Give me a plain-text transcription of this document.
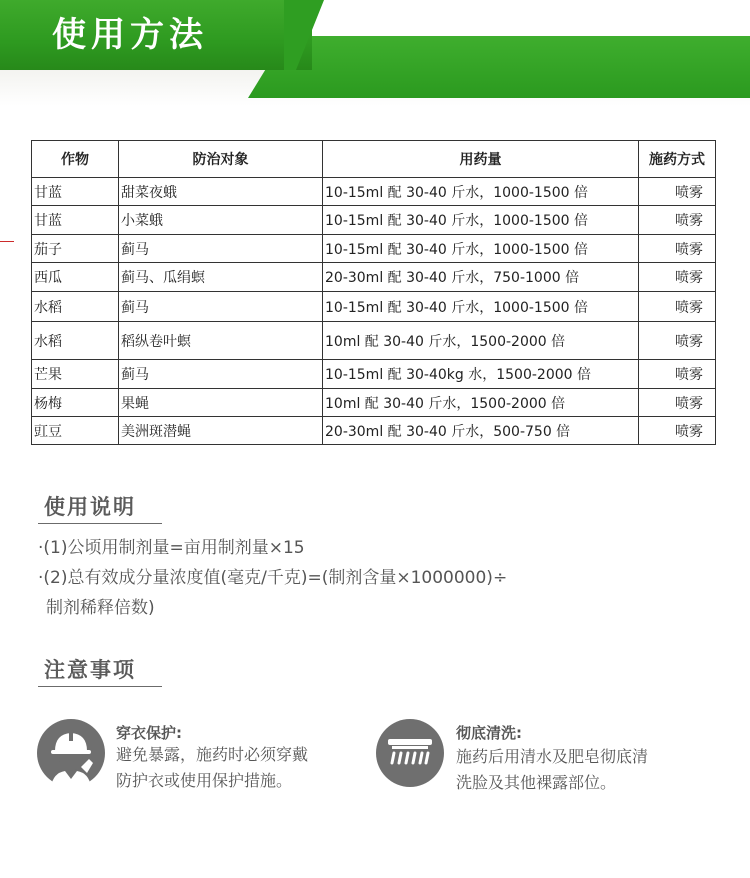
使用方法
作物	防治对象	用药量	施药方式
甘蓝	甜菜夜蛾	10-15ml 配 30-40 斤水，1000-1500 倍	喷雾
甘蓝	小菜蛾	10-15ml 配 30-40 斤水，1000-1500 倍	喷雾
茄子	蓟马	10-15ml 配 30-40 斤水，1000-1500 倍	喷雾
西瓜	蓟马、瓜绢螟	20-30ml 配 30-40 斤水，750-1000 倍	喷雾
水稻	蓟马	10-15ml 配 30-40 斤水，1000-1500 倍	喷雾
水稻	稻纵卷叶螟	10ml 配 30-40 斤水，1500-2000 倍	喷雾
芒果	蓟马	10-15ml 配 30-40kg 水，1500-2000 倍	喷雾
杨梅	果蝇	10ml 配 30-40 斤水，1500-2000 倍	喷雾
豇豆	美洲斑潜蝇	20-30ml 配 30-40 斤水，500-750 倍	喷雾
使用说明

·(1)公顷用制剂量=亩用制剂量×15

·(2)总有效成分量浓度值(毫克/千克)=(制剂含量×1000000)÷

制剂稀释倍数)

注意事项
穿衣保护:

避免暴露，施药时必须穿戴

防护衣或使用保护措施。

彻底清洗:

施药后用清水及肥皂彻底清

洗脸及其他裸露部位。
